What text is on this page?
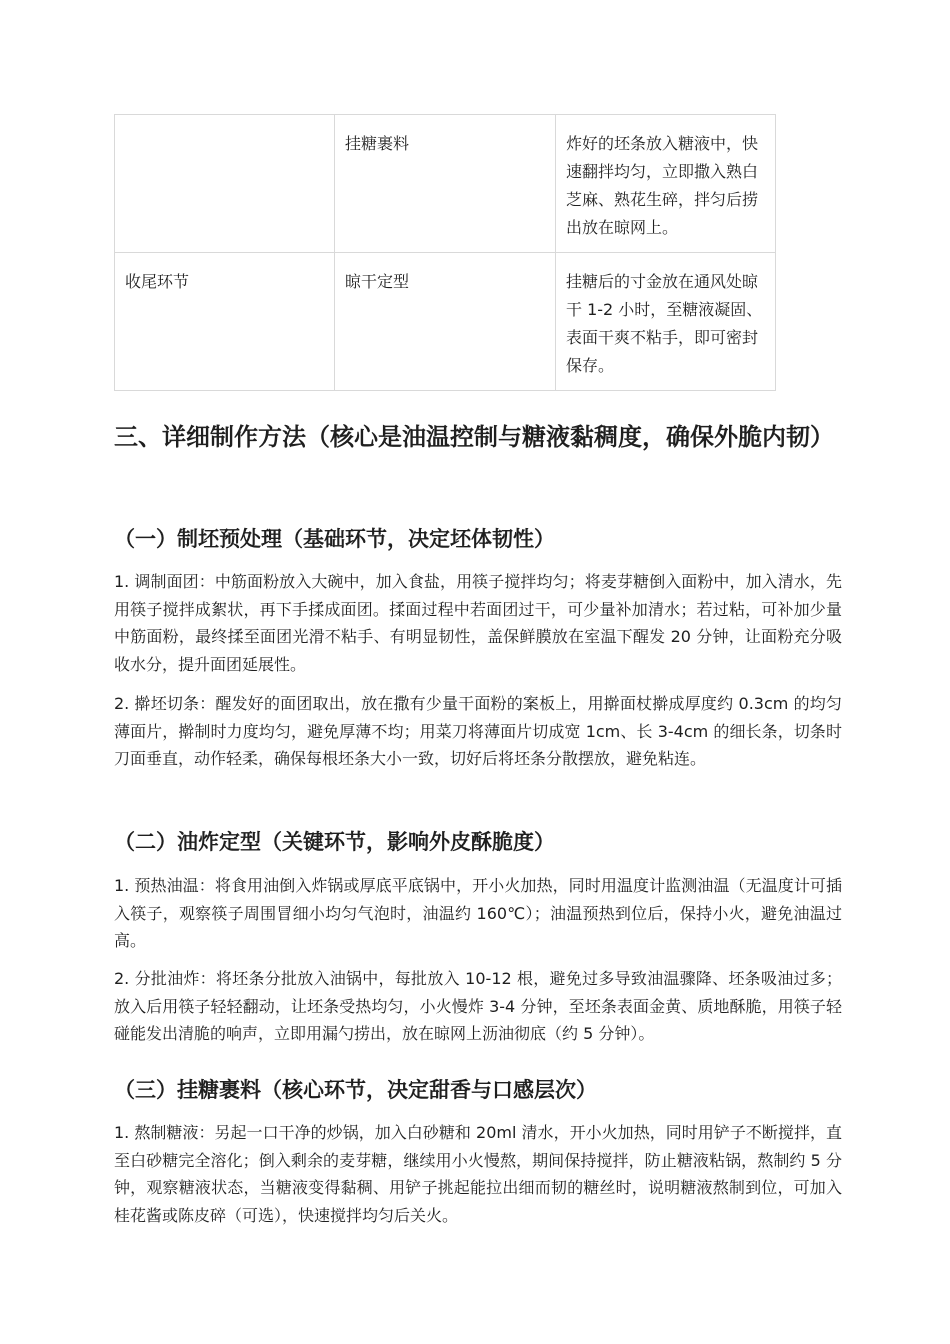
	挂糖裹料	炸好的坯条放入糖液中，快速翻拌均匀，立即撒入熟白芝麻、熟花生碎，拌匀后捞出放在晾网上。
收尾环节	晾干定型	挂糖后的寸金放在通风处晾干 1-2 小时，至糖液凝固、表面干爽不粘手，即可密封保存。
三、详细制作方法（核心是油温控制与糖液黏稠度，确保外脆内韧）
（一）制坯预处理（基础环节，决定坯体韧性）

1. 调制面团：中筋面粉放入大碗中，加入食盐，用筷子搅拌均匀；将麦芽糖倒入面粉中，加入清水，先用筷子搅拌成絮状，再下手揉成面团。揉面过程中若面团过干，可少量补加清水；若过粘，可补加少量中筋面粉，最终揉至面团光滑不粘手、有明显韧性，盖保鲜膜放在室温下醒发 20 分钟，让面粉充分吸收水分，提升面团延展性。

2. 擀坯切条：醒发好的面团取出，放在撒有少量干面粉的案板上，用擀面杖擀成厚度约 0.3cm 的均匀薄面片，擀制时力度均匀，避免厚薄不均；用菜刀将薄面片切成宽 1cm、长 3-4cm 的细长条，切条时刀面垂直，动作轻柔，确保每根坯条大小一致，切好后将坯条分散摆放，避免粘连。

（二）油炸定型（关键环节，影响外皮酥脆度）

1. 预热油温：将食用油倒入炸锅或厚底平底锅中，开小火加热，同时用温度计监测油温（无温度计可插入筷子，观察筷子周围冒细小均匀气泡时，油温约 160℃）；油温预热到位后，保持小火，避免油温过高。

2. 分批油炸：将坯条分批放入油锅中，每批放入 10-12 根，避免过多导致油温骤降、坯条吸油过多；放入后用筷子轻轻翻动，让坯条受热均匀，小火慢炸 3-4 分钟，至坯条表面金黄、质地酥脆，用筷子轻碰能发出清脆的响声，立即用漏勺捞出，放在晾网上沥油彻底（约 5 分钟）。

（三）挂糖裹料（核心环节，决定甜香与口感层次）

1. 熬制糖液：另起一口干净的炒锅，加入白砂糖和 20ml 清水，开小火加热，同时用铲子不断搅拌，直至白砂糖完全溶化；倒入剩余的麦芽糖，继续用小火慢熬，期间保持搅拌，防止糖液粘锅，熬制约 5 分钟，观察糖液状态，当糖液变得黏稠、用铲子挑起能拉出细而韧的糖丝时，说明糖液熬制到位，可加入桂花酱或陈皮碎（可选），快速搅拌均匀后关火。
